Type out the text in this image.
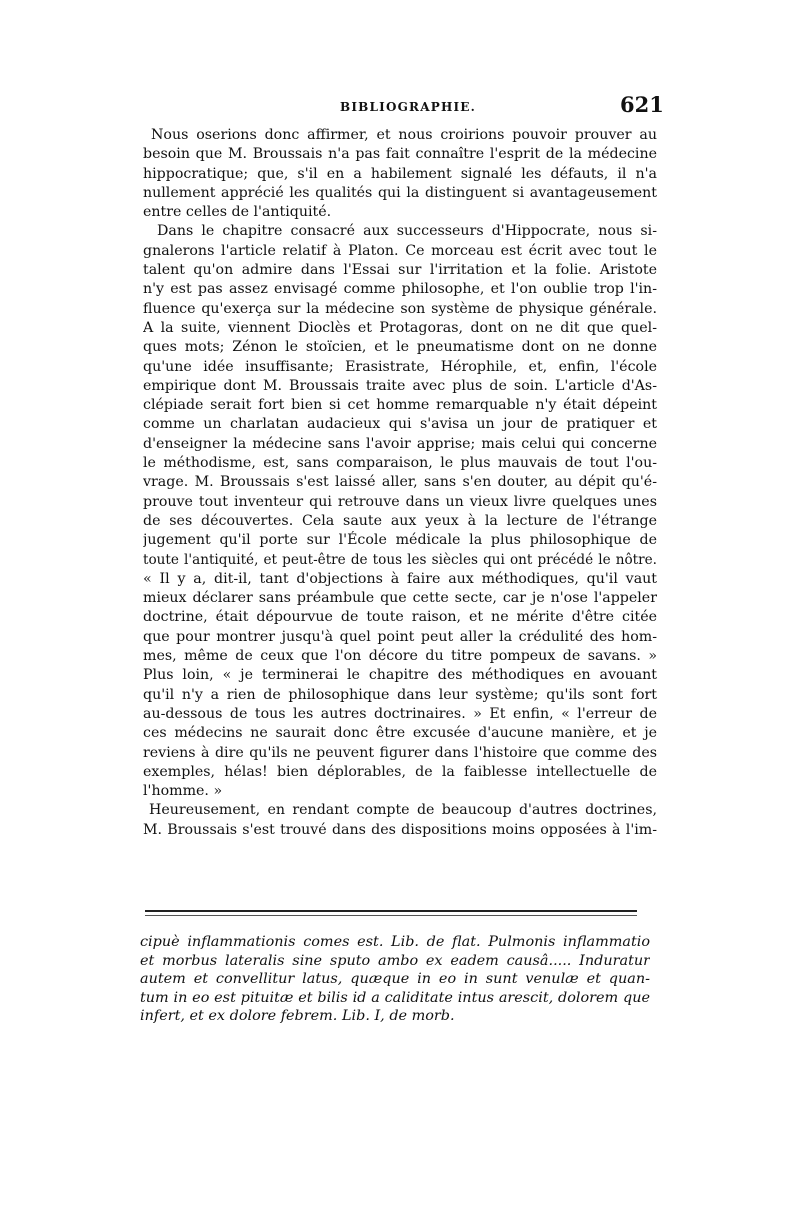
BIBLIOGRAPHIE.	621
Nous oserions donc affirmer, et nous croirions pouvoir prouver au
besoin que M. Broussais n'a pas fait connaître l'esprit de la médecine
hippocratique; que, s'il en a habilement signalé les défauts, il n'a
nullement apprécié les qualités qui la distinguent si avantageusement
entre celles de l'antiquité.
Dans le chapitre consacré aux successeurs d'Hippocrate, nous si-
gnalerons l'article relatif à Platon. Ce morceau est écrit avec tout le
talent qu'on admire dans l'Essai sur l'irritation et la folie. Aristote
n'y est pas assez envisagé comme philosophe, et l'on oublie trop l'in-
fluence qu'exerça sur la médecine son système de physique générale.
A la suite, viennent Dioclès et Protagoras, dont on ne dit que quel-
ques mots; Zénon le stoïcien, et le pneumatisme dont on ne donne
qu'une idée insuffisante; Erasistrate, Hérophile, et, enfin, l'école
empirique dont M. Broussais traite avec plus de soin. L'article d'As-
clépiade serait fort bien si cet homme remarquable n'y était dépeint
comme un charlatan audacieux qui s'avisa un jour de pratiquer et
d'enseigner la médecine sans l'avoir apprise; mais celui qui concerne
le méthodisme, est, sans comparaison, le plus mauvais de tout l'ou-
vrage. M. Broussais s'est laissé aller, sans s'en douter, au dépit qu'é-
prouve tout inventeur qui retrouve dans un vieux livre quelques unes
de ses découvertes. Cela saute aux yeux à la lecture de l'étrange
jugement qu'il porte sur l'École médicale la plus philosophique de
toute l'antiquité, et peut-être de tous les siècles qui ont précédé le nôtre.
« Il y a, dit-il, tant d'objections à faire aux méthodiques, qu'il vaut
mieux déclarer sans préambule que cette secte, car je n'ose l'appeler
doctrine, était dépourvue de toute raison, et ne mérite d'être citée
que pour montrer jusqu'à quel point peut aller la crédulité des hom-
mes, même de ceux que l'on décore du titre pompeux de savans. »
Plus loin, « je terminerai le chapitre des méthodiques en avouant
qu'il n'y a rien de philosophique dans leur système; qu'ils sont fort
au-dessous de tous les autres doctrinaires. » Et enfin, « l'erreur de
ces médecins ne saurait donc être excusée d'aucune manière, et je
reviens à dire qu'ils ne peuvent figurer dans l'histoire que comme des
exemples, hélas! bien déplorables, de la faiblesse intellectuelle de
l'homme. »
Heureusement, en rendant compte de beaucoup d'autres doctrines,
M. Broussais s'est trouvé dans des dispositions moins opposées à l'im-
cipuè inflammationis comes est. Lib. de flat. Pulmonis inflammatio
et morbus lateralis sine sputo ambo ex eadem causâ..... Induratur
autem et convellitur latus, quæque in eo in sunt venulæ et quan-
tum in eo est pituitæ et bilis id a caliditate intus arescit, dolorem que
infert, et ex dolore febrem. Lib. I, de morb.
